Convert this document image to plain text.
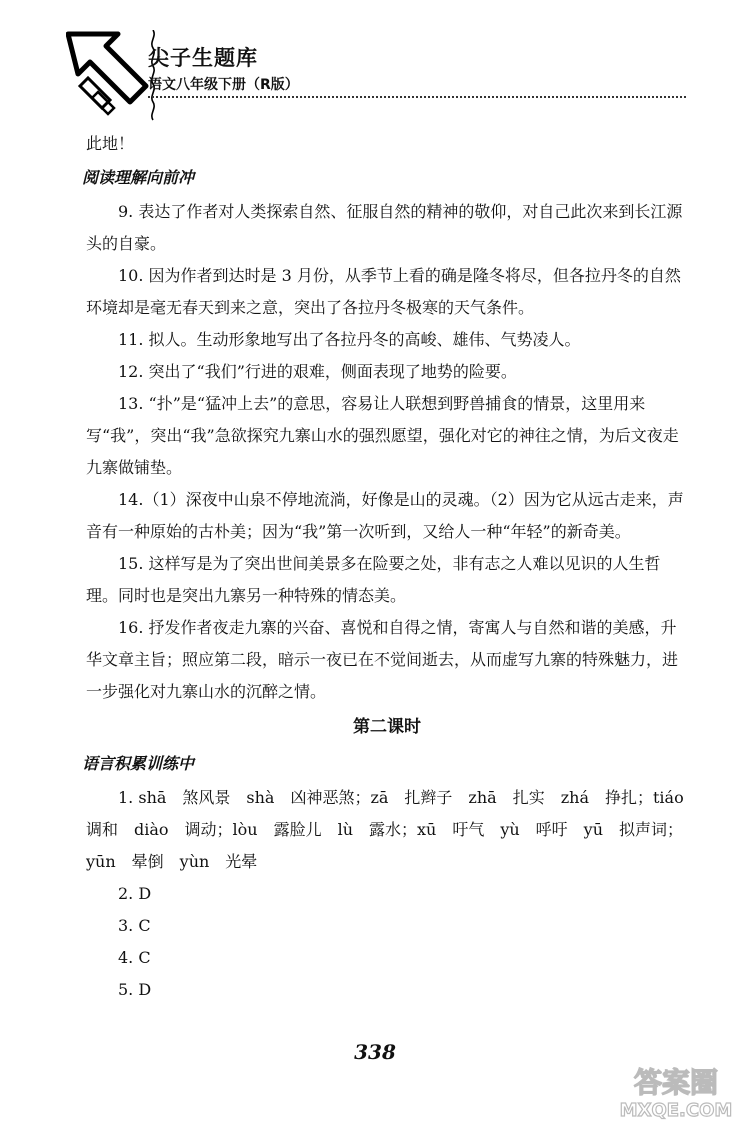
尖子生题库
语文八年级下册（R版）

此地！

阅读理解向前冲

9. 表达了作者对人类探索自然、征服自然的精神的敬仰，对自己此次来到长江源头的自豪。

10. 因为作者到达时是 3 月份，从季节上看的确是隆冬将尽，但各拉丹冬的自然环境却是毫无春天到来之意，突出了各拉丹冬极寒的天气条件。

11. 拟人。生动形象地写出了各拉丹冬的高峻、雄伟、气势凌人。

12. 突出了“我们”行进的艰难，侧面表现了地势的险要。

13. “扑”是“猛冲上去”的意思，容易让人联想到野兽捕食的情景，这里用来写“我”，突出“我”急欲探究九寨山水的强烈愿望，强化对它的神往之情，为后文夜走九寨做铺垫。

14.（1）深夜中山泉不停地流淌，好像是山的灵魂。（2）因为它从远古走来，声音有一种原始的古朴美；因为“我”第一次听到，又给人一种“年轻”的新奇美。

15. 这样写是为了突出世间美景多在险要之处，非有志之人难以见识的人生哲理。同时也是突出九寨另一种特殊的情态美。

16. 抒发作者夜走九寨的兴奋、喜悦和自得之情，寄寓人与自然和谐的美感，升华文章主旨；照应第二段，暗示一夜已在不觉间逝去，从而虚写九寨的特殊魅力，进一步强化对九寨山水的沉醉之情。

第二课时
语言积累训练中

1. shā　煞风景　shà　凶神恶煞；zā　扎辫子　zhā　扎实　zhá　挣扎；tiáo　调和　diào　调动；lòu　露脸儿　lù　露水；xū　吁气　yù　呼吁　yū　拟声词；yūn　晕倒　yùn　光晕

2. D

3. C

4. C

5. D

338
答案圈
MXQE.COM
